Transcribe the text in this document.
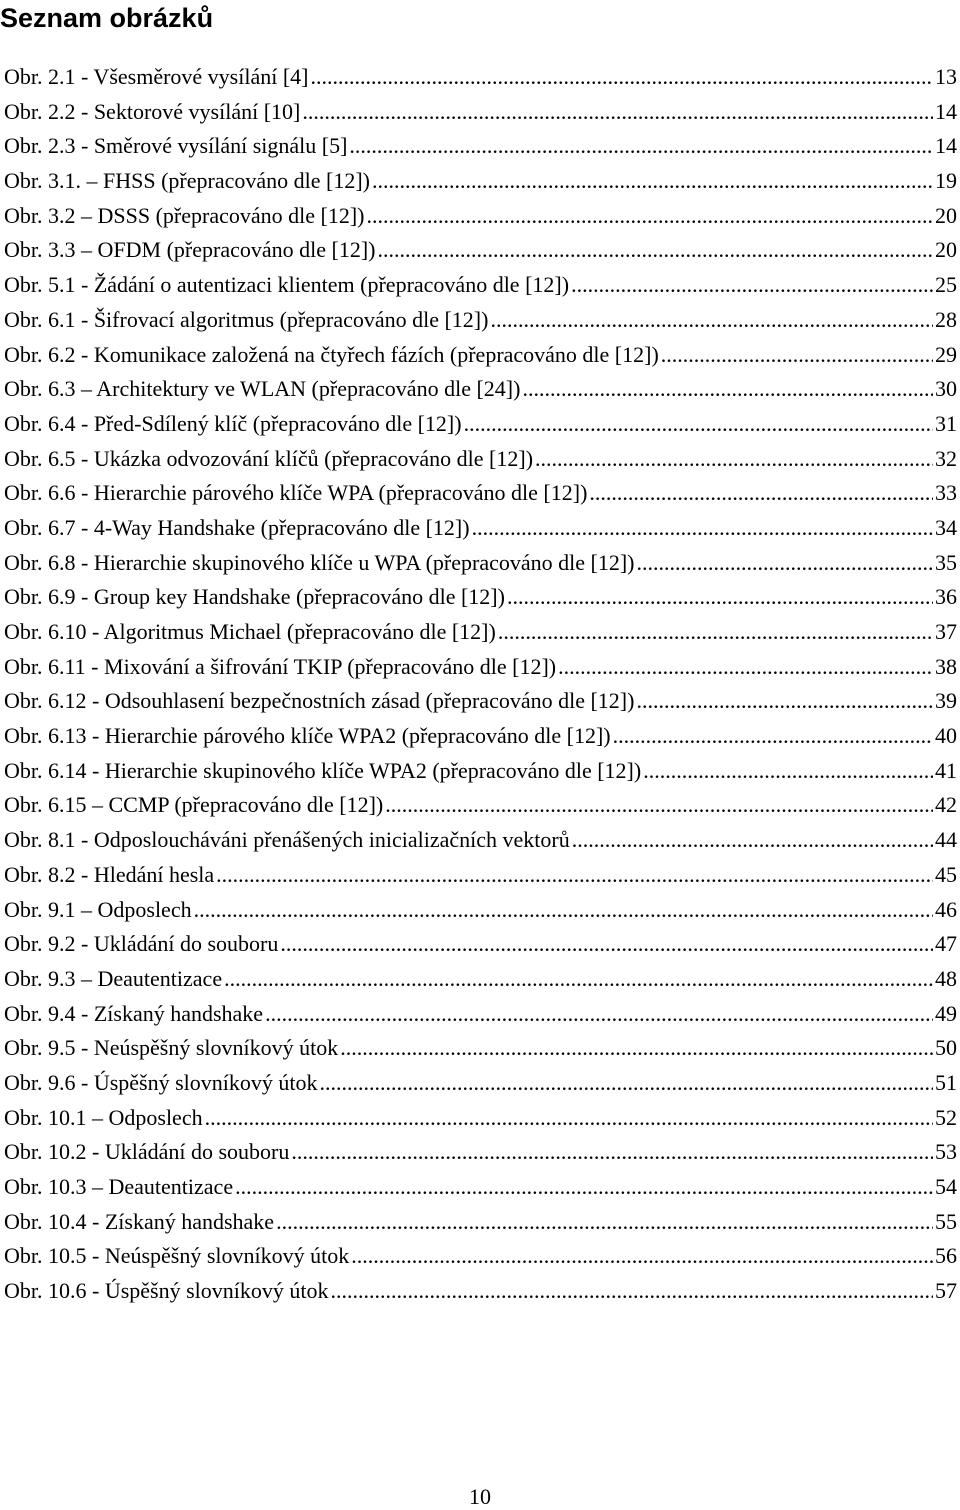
Seznam obrázků
Obr. 2.1 - Všesměrové vysílání [4] .....	13
Obr. 2.2 - Sektorové vysílání [10] .....	14
Obr. 2.3 - Směrové vysílání signálu [5] .....	14
Obr. 3.1. – FHSS (přepracováno dle [12]) .....	19
Obr. 3.2 – DSSS (přepracováno dle [12]) .....	20
Obr. 3.3 – OFDM (přepracováno dle [12]) .....	20
Obr. 5.1 - Žádání o autentizaci klientem (přepracováno dle [12]) .....	25
Obr. 6.1 - Šifrovací algoritmus (přepracováno dle [12]) .....	28
Obr. 6.2 - Komunikace založená na čtyřech fázích (přepracováno dle [12]) .....	29
Obr. 6.3 – Architektury ve WLAN (přepracováno dle [24]) .....	30
Obr. 6.4 - Před-Sdílený klíč (přepracováno dle [12]) .....	31
Obr. 6.5 - Ukázka odvozování klíčů (přepracováno dle [12]) .....	32
Obr. 6.6 - Hierarchie párového klíče WPA (přepracováno dle [12]) .....	33
Obr. 6.7 - 4-Way Handshake (přepracováno dle [12]) .....	34
Obr. 6.8 - Hierarchie skupinového klíče u WPA (přepracováno dle [12]) .....	35
Obr. 6.9 - Group key Handshake (přepracováno dle [12]) .....	36
Obr. 6.10 - Algoritmus Michael (přepracováno dle [12]) .....	37
Obr. 6.11 - Mixování a šifrování TKIP (přepracováno dle [12]) .....	38
Obr. 6.12 - Odsouhlasení bezpečnostních zásad (přepracováno dle [12]) .....	39
Obr. 6.13 - Hierarchie párového klíče WPA2 (přepracováno dle [12]) .....	40
Obr. 6.14 - Hierarchie skupinového klíče WPA2 (přepracováno dle [12]) .....	41
Obr. 6.15 – CCMP (přepracováno dle [12]) .....	42
Obr. 8.1 - Odposloucháváni přenášených inicializačních vektorů .....	44
Obr. 8.2 - Hledání hesla .....	45
Obr. 9.1 – Odposlech .....	46
Obr. 9.2 - Ukládání do souboru .....	47
Obr. 9.3 – Deautentizace .....	48
Obr. 9.4 - Získaný handshake .....	49
Obr. 9.5 - Neúspěšný slovníkový útok .....	50
Obr. 9.6 - Úspěšný slovníkový útok .....	51
Obr. 10.1 – Odposlech .....	52
Obr. 10.2 - Ukládání do souboru .....	53
Obr. 10.3 – Deautentizace .....	54
Obr. 10.4 - Získaný handshake .....	55
Obr. 10.5 - Neúspěšný slovníkový útok .....	56
Obr. 10.6 - Úspěšný slovníkový útok .....	57
10
